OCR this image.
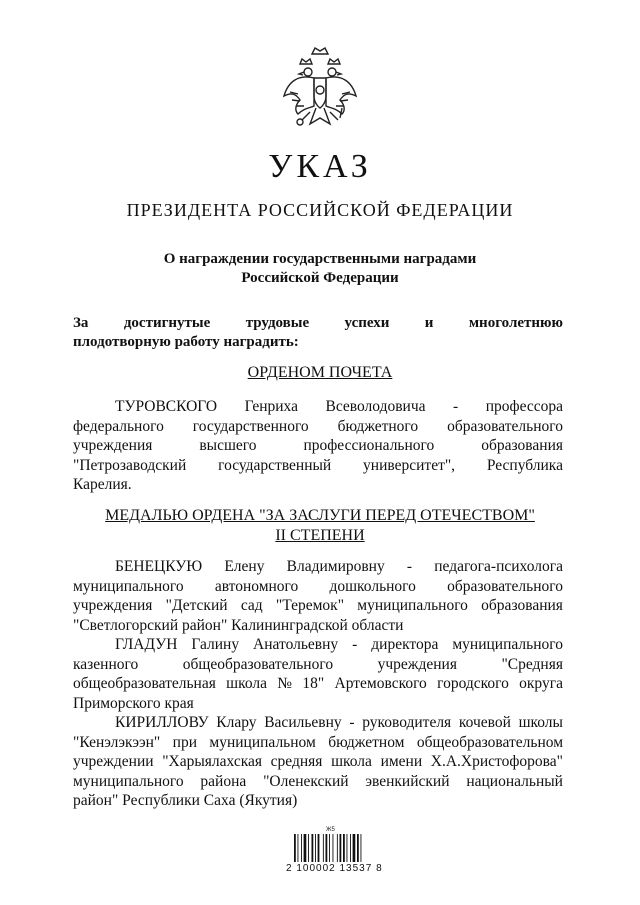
УКАЗ
ПРЕЗИДЕНТА РОССИЙСКОЙ ФЕДЕРАЦИИ
О награждении государственными наградами
Российской Федерации
За достигнутые трудовые успехи и многолетнюю
плодотворную работу наградить:
ОРДЕНОМ ПОЧЕТА
ТУРОВСКОГО Генриха Всеволодовича - профессора
федерального государственного бюджетного образовательного
учреждения	высшего	профессионального	образования
"Петрозаводский государственный университет", Республика
Карелия.
МЕДАЛЬЮ ОРДЕНА "ЗА ЗАСЛУГИ ПЕРЕД ОТЕЧЕСТВОМ"
II СТЕПЕНИ
БЕНЕЦКУЮ Елену Владимировну - педагога-психолога
муниципального автономного дошкольного образовательного
учреждения "Детский сад "Теремок" муниципального образования
"Светлогорский район" Калининградской области
ГЛАДУН Галину Анатольевну - директора муниципального
казенного	общеобразовательного	учреждения	"Средняя
общеобразовательная школа № 18" Артемовского городского округа
Приморского края
КИРИЛЛОВУ Клару Васильевну - руководителя кочевой школы
"Кенэлэкээн" при муниципальном бюджетном общеобразовательном
учреждении "Харыялахская средняя школа имени Х.А.Христофорова"
муниципального района "Оленекский эвенкийский национальный
район" Республики Саха (Якутия)
Ж5
2 100002 13537 8
